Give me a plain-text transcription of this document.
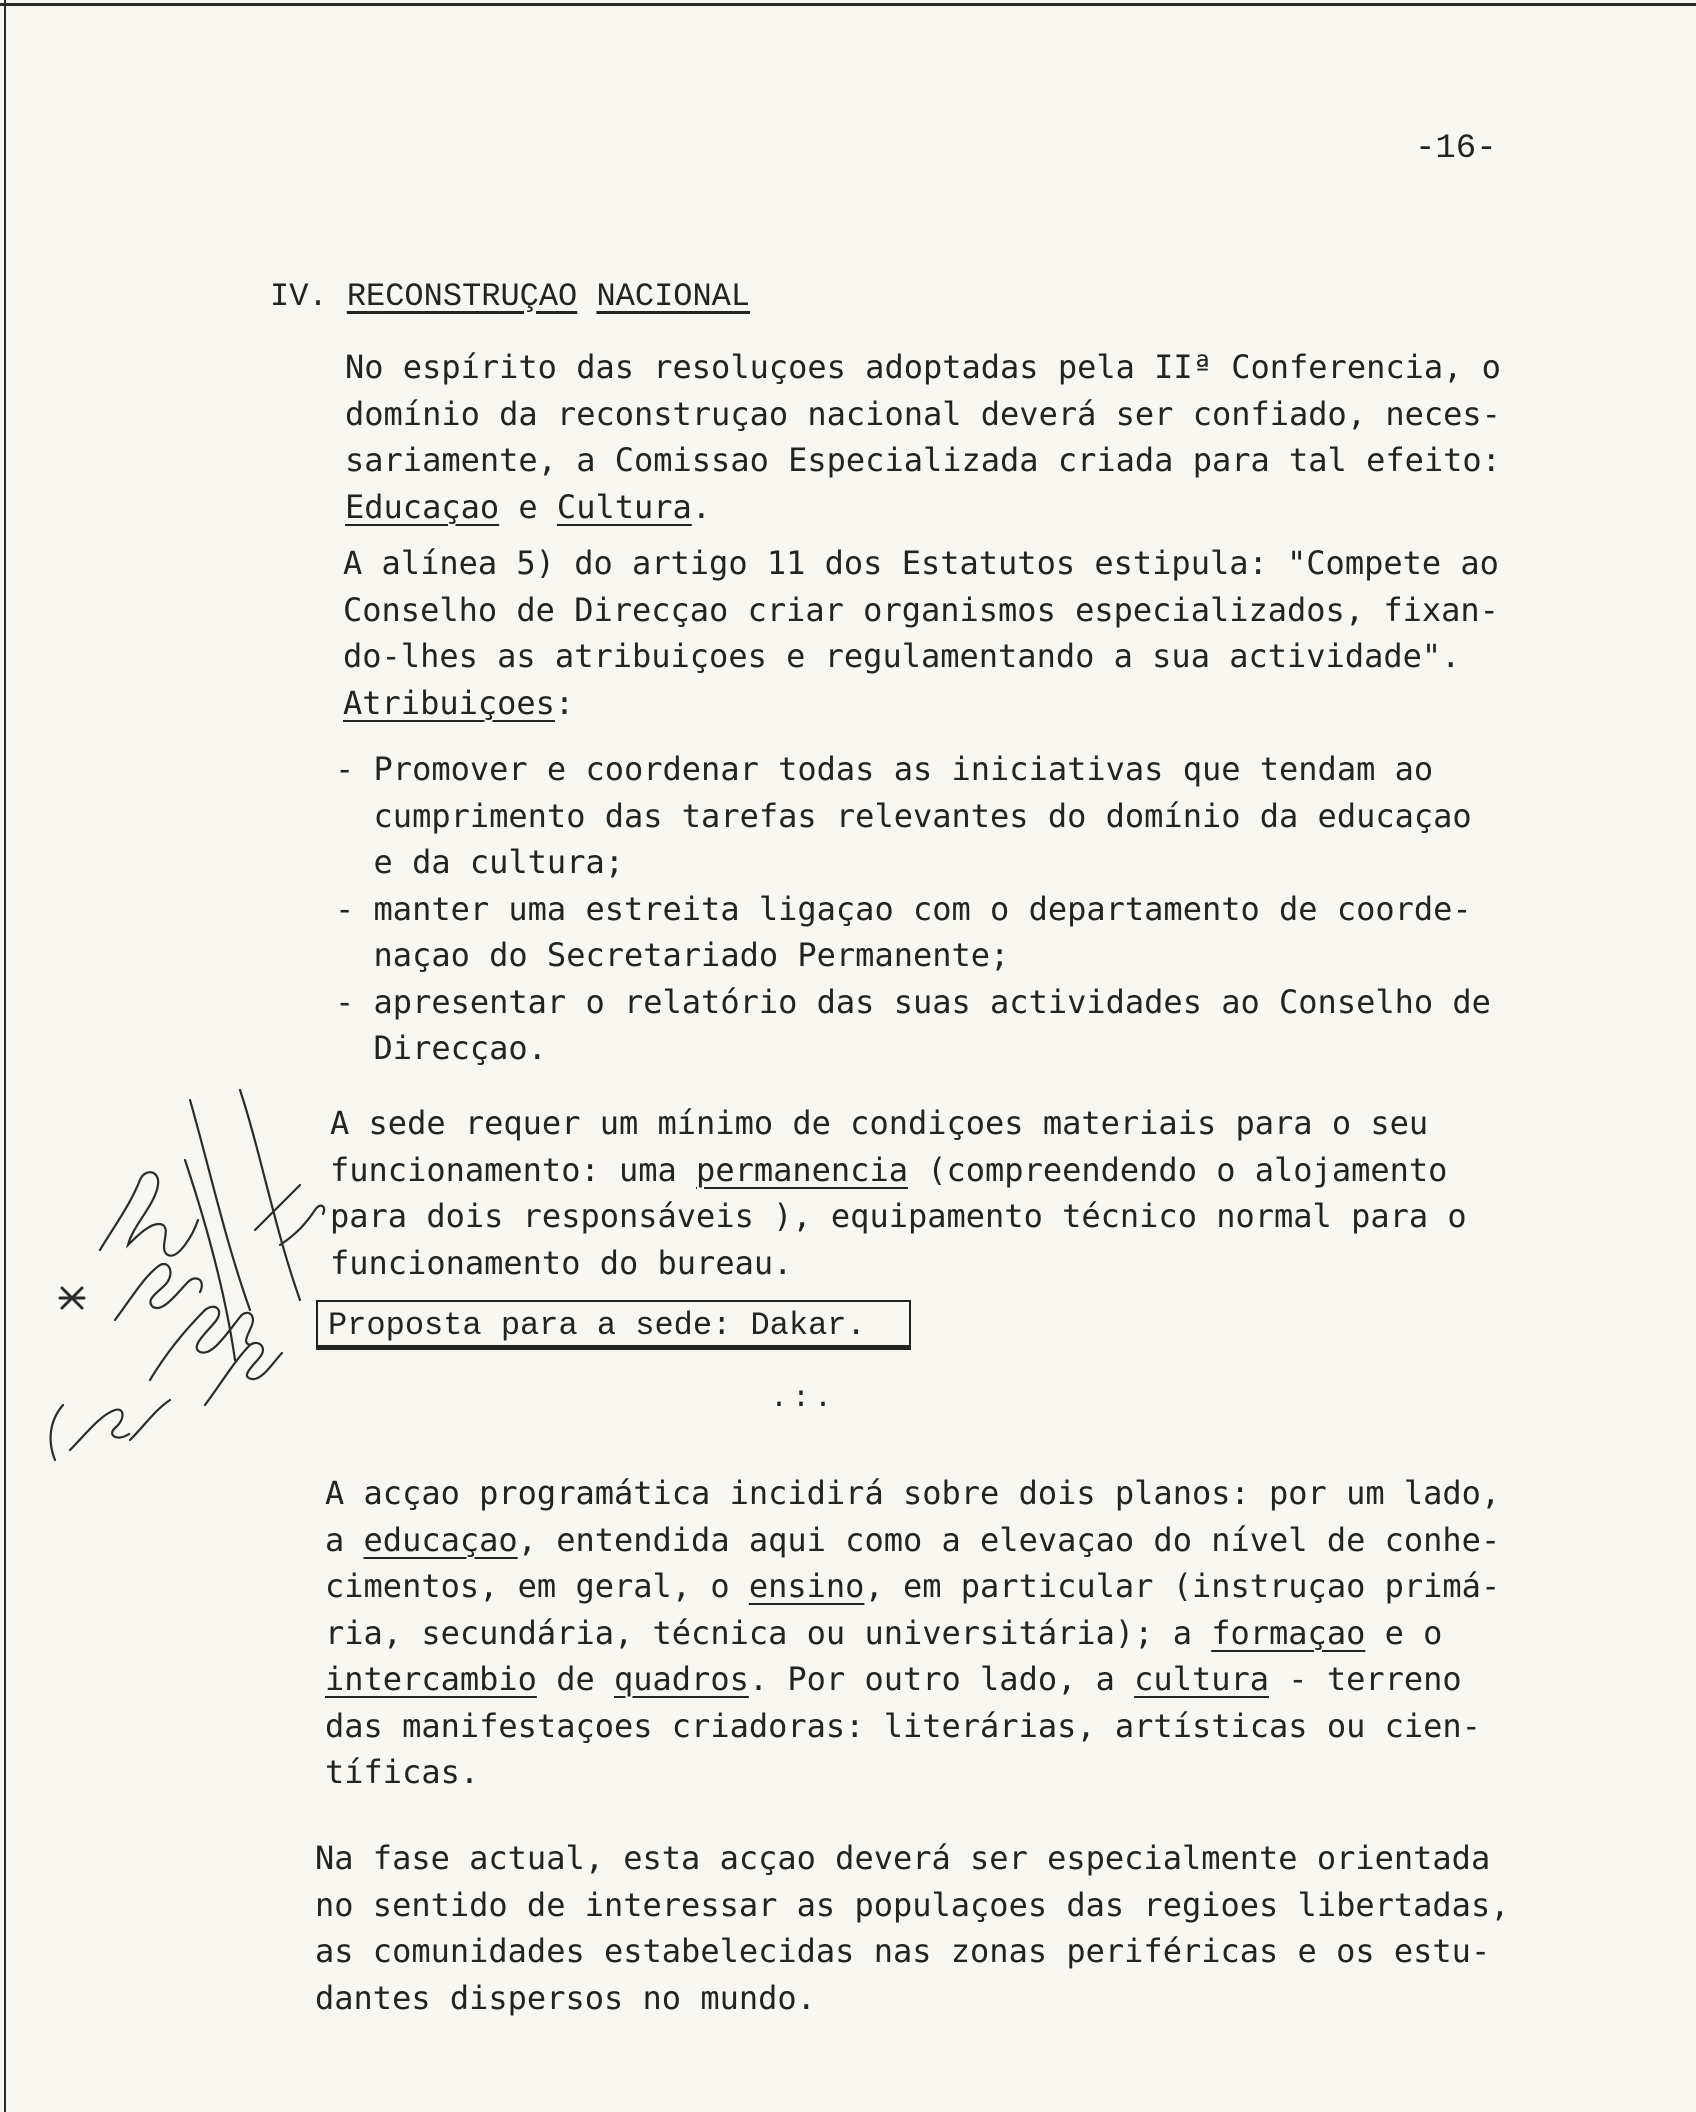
-16-
IV. RECONSTRUÇAO NACIONAL
No espírito das resoluçoes adoptadas pela IIª Conferencia, o
domínio da reconstruçao nacional deverá ser confiado, neces-
sariamente, a Comissao Especializada criada para tal efeito:
Educaçao e Cultura.
A alínea 5) do artigo 11 dos Estatutos estipula: "Compete ao
Conselho de Direcçao criar organismos especializados, fixan-
do-lhes as atribuiçoes e regulamentando a sua actividade".
Atribuiçoes:
- Promover e coordenar todas as iniciativas que tendam ao
cumprimento das tarefas relevantes do domínio da educaçao
e da cultura;
- manter uma estreita ligaçao com o departamento de coorde-
naçao do Secretariado Permanente;
- apresentar o relatório das suas actividades ao Conselho de
Direcçao.
A sede requer um mínimo de condiçoes materiais para o seu
funcionamento: uma permanencia (compreendendo o alojamento
para dois responsáveis ), equipamento técnico normal para o
funcionamento do bureau.
Proposta para a sede: Dakar.
.:.
A acçao programática incidirá sobre dois planos: por um lado,
a educaçao, entendida aqui como a elevaçao do nível de conhe-
cimentos, em geral, o ensino, em particular (instruçao primá-
ria, secundária, técnica ou universitária); a formaçao e o
intercambio de quadros. Por outro lado, a cultura - terreno
das manifestaçoes criadoras: literárias, artísticas ou cien-
tíficas.
Na fase actual, esta acçao deverá ser especialmente orientada
no sentido de interessar as populaçoes das regioes libertadas,
as comunidades estabelecidas nas zonas periféricas e os estu-
dantes dispersos no mundo.
